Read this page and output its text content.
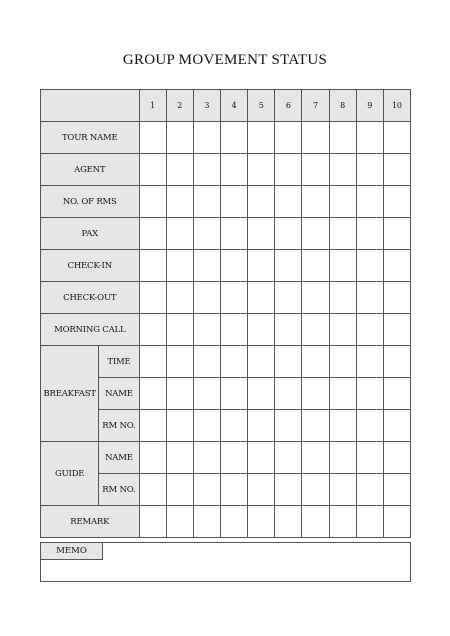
GROUP MOVEMENT STATUS
		1	2	3	4	5	6	7	8	9	10
TOUR NAME											
AGENT											
NO. OF RMS											
PAX											
CHECK-IN											
CHECK-OUT											
MORNING CALL											
BREAKFAST	TIME										
	NAME										
	RM NO.										
GUIDE	NAME										
	RM NO.										
REMARK											
MEMO
